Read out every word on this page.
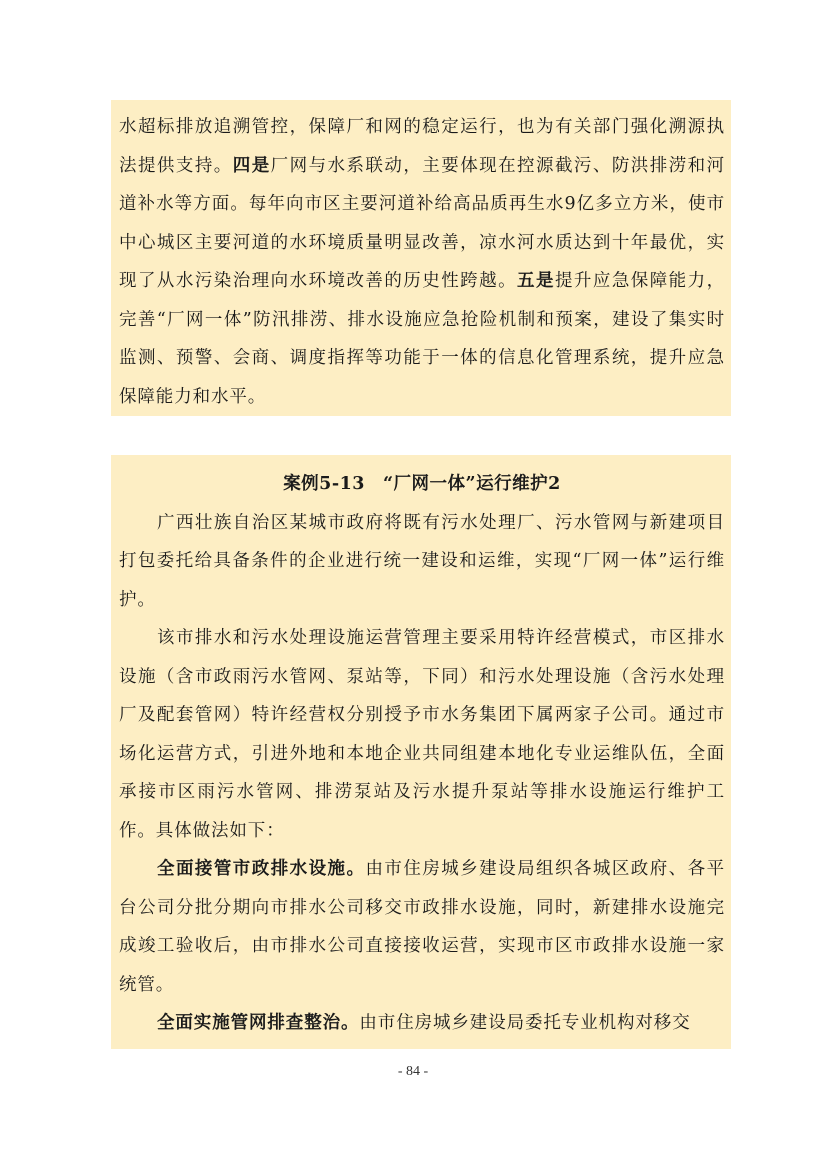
水超标排放追溯管控，保障厂和网的稳定运行，也为有关部门强化溯源执法提供支持。四是厂网与水系联动，主要体现在控源截污、防洪排涝和河道补水等方面。每年向市区主要河道补给高品质再生水9亿多立方米，使市中心城区主要河道的水环境质量明显改善，凉水河水质达到十年最优，实现了从水污染治理向水环境改善的历史性跨越。五是提升应急保障能力，完善“厂网一体”防汛排涝、排水设施应急抢险机制和预案，建设了集实时监测、预警、会商、调度指挥等功能于一体的信息化管理系统，提升应急保障能力和水平。

案例5-13　“厂网一体”运行维护2

广西壮族自治区某城市政府将既有污水处理厂、污水管网与新建项目打包委托给具备条件的企业进行统一建设和运维，实现“厂网一体”运行维护。

该市排水和污水处理设施运营管理主要采用特许经营模式，市区排水设施（含市政雨污水管网、泵站等，下同）和污水处理设施（含污水处理厂及配套管网）特许经营权分别授予市水务集团下属两家子公司。通过市场化运营方式，引进外地和本地企业共同组建本地化专业运维队伍，全面承接市区雨污水管网、排涝泵站及污水提升泵站等排水设施运行维护工作。具体做法如下：

全面接管市政排水设施。由市住房城乡建设局组织各城区政府、各平台公司分批分期向市排水公司移交市政排水设施，同时，新建排水设施完成竣工验收后，由市排水公司直接接收运营，实现市区市政排水设施一家统管。

全面实施管网排查整治。由市住房城乡建设局委托专业机构对移交

- 84 -
